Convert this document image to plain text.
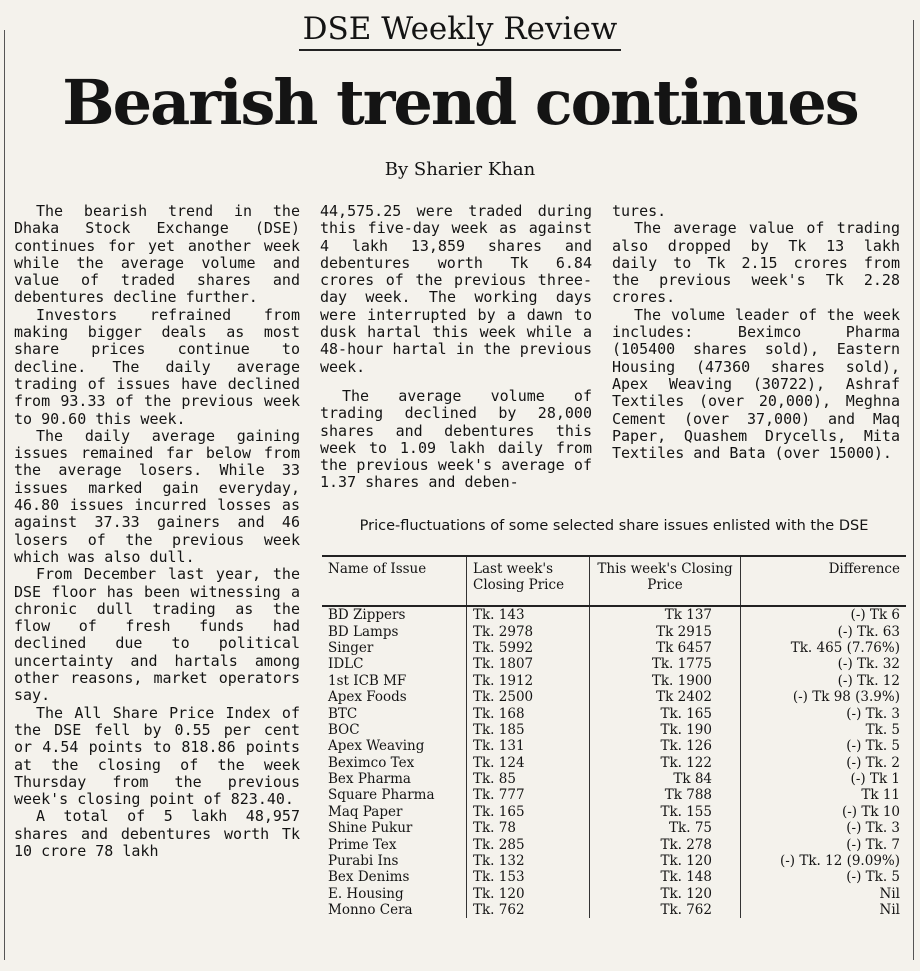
DSE Weekly Review
Bearish trend continues
By Sharier Khan

The bearish trend in the Dhaka Stock Exchange (DSE) continues for yet another week while the average volume and value of traded shares and debentures decline further.

Investors refrained from making bigger deals as most share prices continue to decline. The daily average trading of issues have declined from 93.33 of the previous week to 90.60 this week.

The daily average gaining issues remained far below from the average losers. While 33 issues marked gain everyday, 46.80 issues incurred losses as against 37.33 gainers and 46 losers of the previous week which was also dull.

From December last year, the DSE floor has been witnessing a chronic dull trading as the flow of fresh funds had declined due to political uncertainty and hartals among other reasons, market operators say.

The All Share Price Index of the DSE fell by 0.55 per cent or 4.54 points to 818.86 points at the closing of the week Thursday from the previous week's closing point of 823.40.

A total of 5 lakh 48,957 shares and debentures worth Tk 10 crore 78 lakh

44,575.25 were traded during this five-day week as against 4 lakh 13,859 shares and debentures worth Tk 6.84 crores of the previous three-day week. The working days were interrupted by a dawn to dusk hartal this week while a 48-hour hartal in the previous week.

The average volume of trading declined by 28,000 shares and debentures this week to 1.09 lakh daily from the previous week's average of 1.37 shares and deben-

tures.

The average value of trading also dropped by Tk 13 lakh daily to Tk 2.15 crores from the previous week's Tk 2.28 crores.

The volume leader of the week includes: Beximco Pharma (105400 shares sold), Eastern Housing (47360 shares sold), Apex Weaving (30722), Ashraf Textiles (over 20,000), Meghna Cement (over 37,000) and Maq Paper, Quashem Drycells, Mita Textiles and Bata (over 15000).

Price-fluctuations of some selected share issues enlisted with the DSE
Name of Issue	Last week's Closing Price	This week's Closing Price	Difference
BD Zippers	Tk. 143	Tk 137	(-) Tk 6
BD Lamps	Tk. 2978	Tk 2915	(-) Tk. 63
Singer	Tk. 5992	Tk 6457	Tk. 465 (7.76%)
IDLC	Tk. 1807	Tk. 1775	(-) Tk. 32
1st ICB MF	Tk. 1912	Tk. 1900	(-) Tk. 12
Apex Foods	Tk. 2500	Tk 2402	(-) Tk 98 (3.9%)
BTC	Tk. 168	Tk. 165	(-) Tk. 3
BOC	Tk. 185	Tk. 190	Tk. 5
Apex Weaving	Tk. 131	Tk. 126	(-) Tk. 5
Beximco Tex	Tk. 124	Tk. 122	(-) Tk. 2
Bex Pharma	Tk. 85	Tk 84	(-) Tk 1
Square Pharma	Tk. 777	Tk 788	Tk 11
Maq Paper	Tk. 165	Tk. 155	(-) Tk 10
Shine Pukur	Tk. 78	Tk. 75	(-) Tk. 3
Prime Tex	Tk. 285	Tk. 278	(-) Tk. 7
Purabi Ins	Tk. 132	Tk. 120	(-) Tk. 12 (9.09%)
Bex Denims	Tk. 153	Tk. 148	(-) Tk. 5
E. Housing	Tk. 120	Tk. 120	Nil
Monno Cera	Tk. 762	Tk. 762	Nil
